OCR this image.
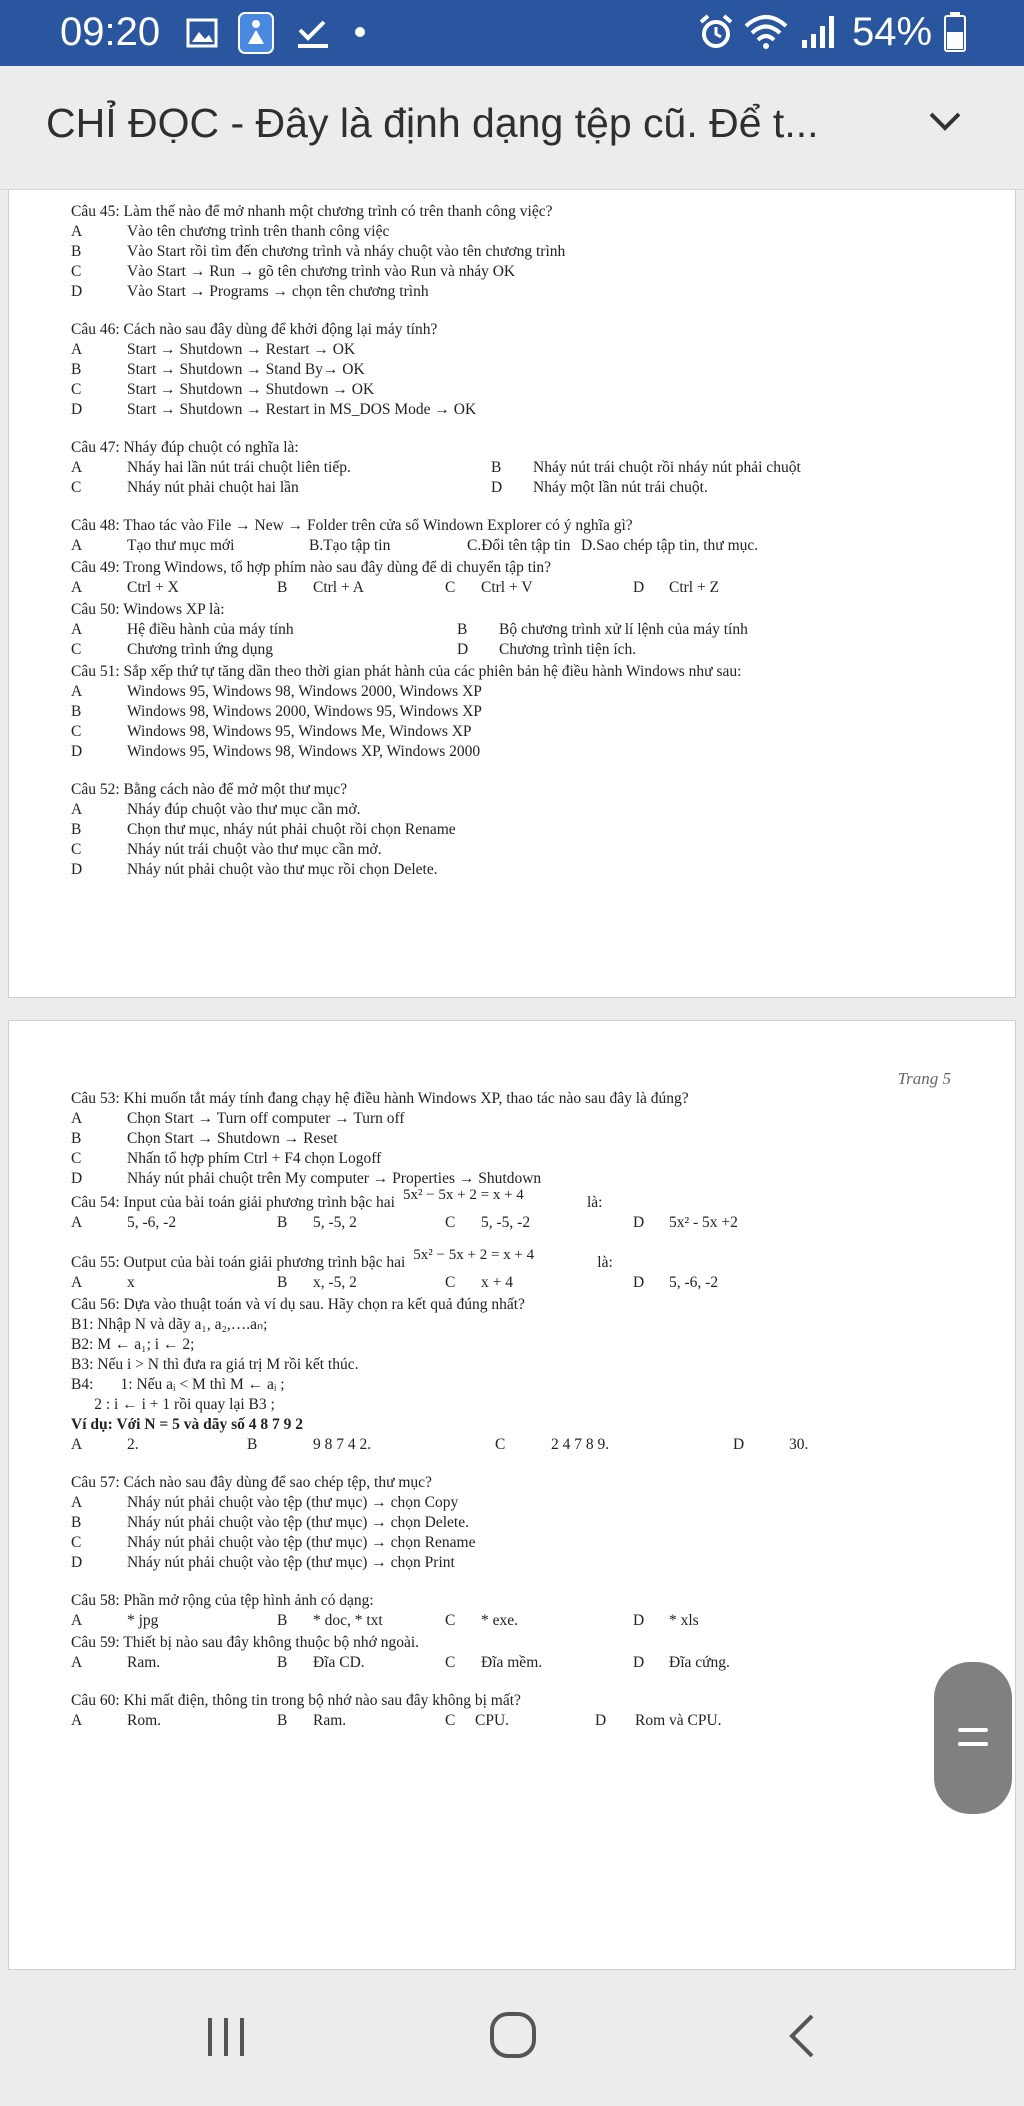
09:20	54%
CHỈ ĐỌC - Đây là định dạng tệp cũ. Để t...
Câu 45: Làm thế nào để mở nhanh một chương trình có trên thanh công việc?
A	Vào tên chương trình trên thanh công việc
B	Vào Start rồi tìm đến chương trình và nháy chuột vào tên chương trình
C	Vào Start → Run → gõ tên chương trình vào Run và nháy OK
D	Vào Start → Programs → chọn tên chương trình
Câu 46: Cách nào sau đây dùng để khởi động lại máy tính?
A	Start → Shutdown → Restart → OK
B	Start → Shutdown → Stand By→ OK
C	Start → Shutdown → Shutdown → OK
D	Start → Shutdown → Restart in MS_DOS Mode → OK
Câu 47: Nháy đúp chuột có nghĩa là:
A	Nháy hai lần nút trái chuột liên tiếp.	B	Nháy nút trái chuột rồi nháy nút phải chuột
C	Nháy nút phải chuột hai lần	D	Nháy một lần nút trái chuột.
Câu 48: Thao tác vào File → New → Folder trên cửa sổ Windown Explorer có ý nghĩa gì?
A	Tạo thư mục mới	B.Tạo tập tin	C.Đổi tên tập tin D.Sao chép tập tin, thư mục.
Câu 49: Trong Windows, tổ hợp phím nào sau đây dùng để di chuyển tập tin?
A	Ctrl + X	B	Ctrl + A	C	Ctrl + V	D	Ctrl + Z
Câu 50: Windows XP là:
A	Hệ điều hành của máy tính	B	Bộ chương trình xử lí lệnh của máy tính
C	Chương trình ứng dụng	D	Chương trình tiện ích.
Câu 51: Sắp xếp thứ tự tăng dần theo thời gian phát hành của các phiên bản hệ điều hành Windows như sau:
A	Windows 95, Windows 98, Windows 2000, Windows XP
B	Windows 98, Windows 2000, Windows 95, Windows XP
C	Windows 98, Windows 95, Windows Me, Windows XP
D	Windows 95, Windows 98, Windows XP, Windows 2000
Câu 52: Bằng cách nào để mở một thư mục?
A	Nháy đúp chuột vào thư mục cần mở.
B	Chọn thư mục, nháy nút phải chuột rồi chọn Rename
C	Nháy nút trái chuột vào thư mục cần mở.
D	Nháy nút phải chuột vào thư mục rồi chọn Delete.
Trang 5
Câu 53: Khi muốn tắt máy tính đang chạy hệ điều hành Windows XP, thao tác nào sau đây là đúng?
A	Chọn Start → Turn off computer → Turn off
B	Chọn Start → Shutdown → Reset
C	Nhấn tổ hợp phím Ctrl + F4 chọn Logoff
D	Nháy nút phải chuột trên My computer → Properties → Shutdown
Câu 54: Input của bài toán giải phương trình bậc hai 5x² − 5x + 2 = x + 4	là:
A	5, -6, -2	B	5, -5, 2	C	5, -5, -2	D	5x² - 5x +2
Câu 55: Output của bài toán giải phương trình bậc hai 5x² − 5x + 2 = x + 4	là:
A	x	B	x, -5, 2	C	x + 4	D	5, -6, -2
Câu 56: Dựa vào thuật toán và ví dụ sau. Hãy chọn ra kết quả đúng nhất?
B1: Nhập N và dãy a₁, a₂,….aₙ;
B2: M ← a₁; i ← 2;
B3: Nếu i > N thì đưa ra giá trị M rồi kết thúc.
B4:       1: Nếu aᵢ < M thì M ← aᵢ ;
2 : i ← i + 1 rồi quay lại B3 ;
Ví dụ: Với N = 5 và dãy số 4 8 7 9 2
A	2.	B	9 8 7 4 2.	C	2 4 7 8 9.	D	30.
Câu 57: Cách nào sau đây dùng để sao chép tệp, thư mục?
A	Nháy nút phải chuột vào tệp (thư mục) → chọn Copy
B	Nháy nút phải chuột vào tệp (thư mục) → chọn Delete.
C	Nháy nút phải chuột vào tệp (thư mục) → chọn Rename
D	Nháy nút phải chuột vào tệp (thư mục) → chọn Print
Câu 58: Phần mở rộng của tệp hình ảnh có dạng:
A	* jpg	B	* doc, * txt	C	* exe.	D	* xls
Câu 59: Thiết bị nào sau đây không thuộc bộ nhớ ngoài.
A	Ram.	B	Đĩa CD.	C	Đĩa mềm.	D	Đĩa cứng.
Câu 60: Khi mất điện, thông tin trong bộ nhớ nào sau đây không bị mất?
A	Rom.	B	Ram.	C	CPU.	D	Rom và CPU.
